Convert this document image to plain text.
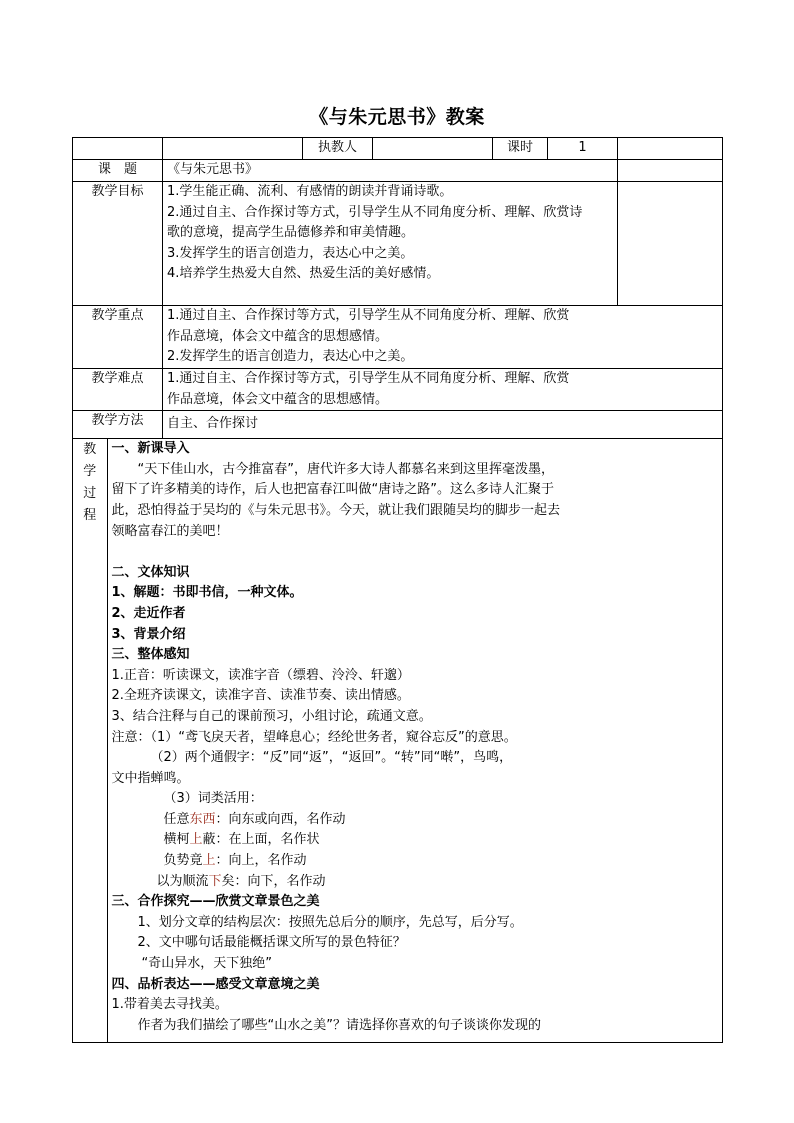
《与朱元思书》教案
		执教人		课时	1	
课　题	《与朱元思书》	
教学目标	1.学生能正确、流利、有感情的朗读并背诵诗歌。
2.通过自主、合作探讨等方式，引导学生从不同角度分析、理解、欣赏诗
歌的意境，提高学生品德修养和审美情趣。
3.发挥学生的语言创造力，表达心中之美。
4.培养学生热爱大自然、热爱生活的美好感情。

教学重点	1.通过自主、合作探讨等方式，引导学生从不同角度分析、理解、欣赏
作品意境，体会文中蕴含的思想感情。
2.发挥学生的语言创造力，表达心中之美。

教学难点	1.通过自主、合作探讨等方式，引导学生从不同角度分析、理解、欣赏
作品意境，体会文中蕴含的思想感情。

教学方法	自主、合作探讨

教
学
过
程

一、新课导入
“天下佳山水，古今推富春”，唐代许多大诗人都慕名来到这里挥毫泼墨，
留下了许多精美的诗作，后人也把富春江叫做“唐诗之路”。这么多诗人汇聚于
此，恐怕得益于吴均的《与朱元思书》。今天，就让我们跟随吴均的脚步一起去
领略富春江的美吧！
二、文体知识
1、解题：书即书信，一种文体。
2、走近作者
3、背景介绍
三、整体感知
1.正音：听读课文，读准字音（缥碧、泠泠、轩邈）
2.全班齐读课文，读准字音、读准节奏、读出情感。
3、结合注释与自己的课前预习，小组讨论，疏通文意。
注意：（1）“鸢飞戾天者，望峰息心；经纶世务者，窥谷忘反”的意思。
（2）两个通假字：“反”同“返”，“返回”。“转”同“啭”，鸟鸣，
文中指蝉鸣。
（3）词类活用：
任意东西：向东或向西，名作动
横柯上蔽：在上面，名作状
负势竟上：向上，名作动
以为顺流下矣：向下，名作动
三、合作探究——欣赏文章景色之美
1、划分文章的结构层次：按照先总后分的顺序，先总写，后分写。
2、文中哪句话最能概括课文所写的景色特征？
“奇山异水，天下独绝”
四、品析表达——感受文章意境之美
1.带着美去寻找美。
作者为我们描绘了哪些“山水之美”？请选择你喜欢的句子谈谈你发现的
